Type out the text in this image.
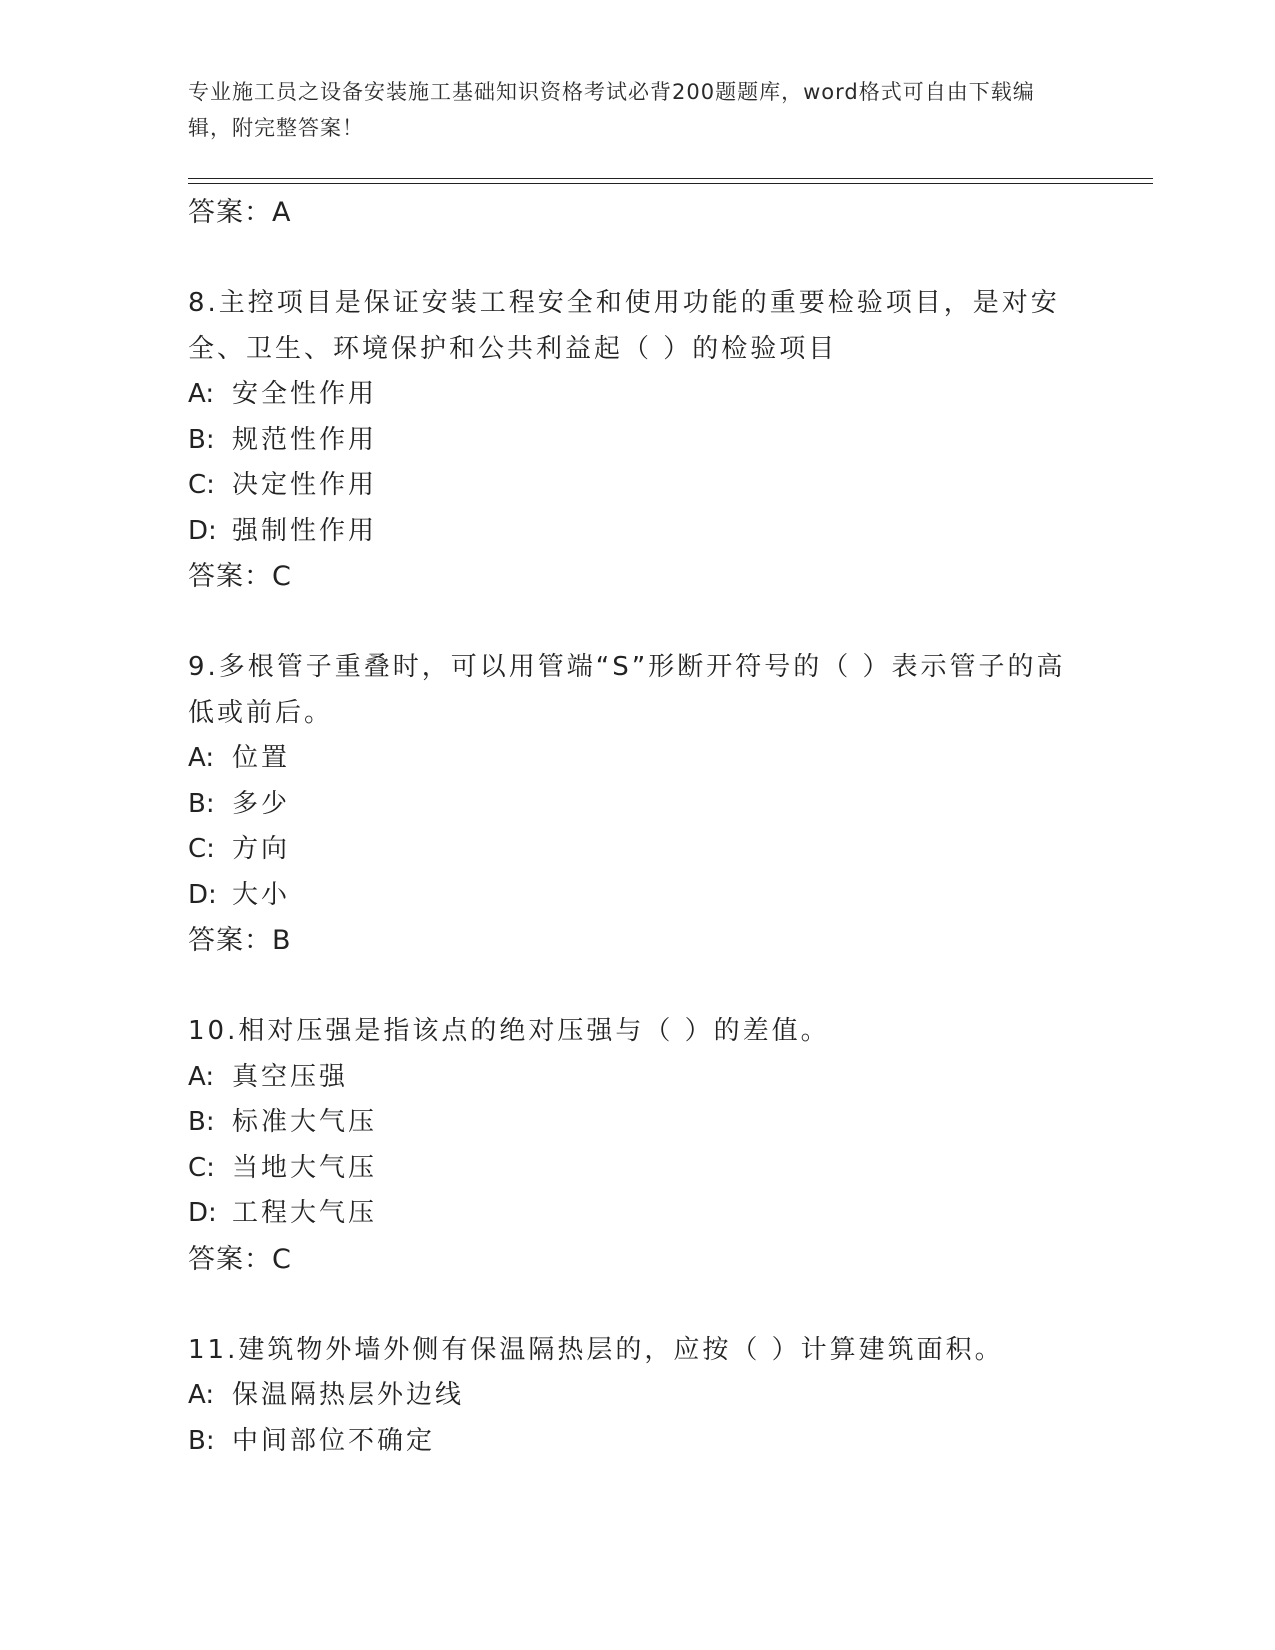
专业施工员之设备安装施工基础知识资格考试必背200题题库，word格式可自由下载编辑，附完整答案！
答案：A
8.主控项目是保证安装工程安全和使用功能的重要检验项目，是对安全、卫生、环境保护和公共利益起（ ）的检验项目
A: 安全性作用
B: 规范性作用
C: 决定性作用
D: 强制性作用
答案：C
9.多根管子重叠时，可以用管端“S”形断开符号的（ ）表示管子的高低或前后。
A: 位置
B: 多少
C: 方向
D: 大小
答案：B
10.相对压强是指该点的绝对压强与（ ）的差值。
A: 真空压强
B: 标准大气压
C: 当地大气压
D: 工程大气压
答案：C
11.建筑物外墙外侧有保温隔热层的，应按（ ）计算建筑面积。
A: 保温隔热层外边线
B: 中间部位不确定
